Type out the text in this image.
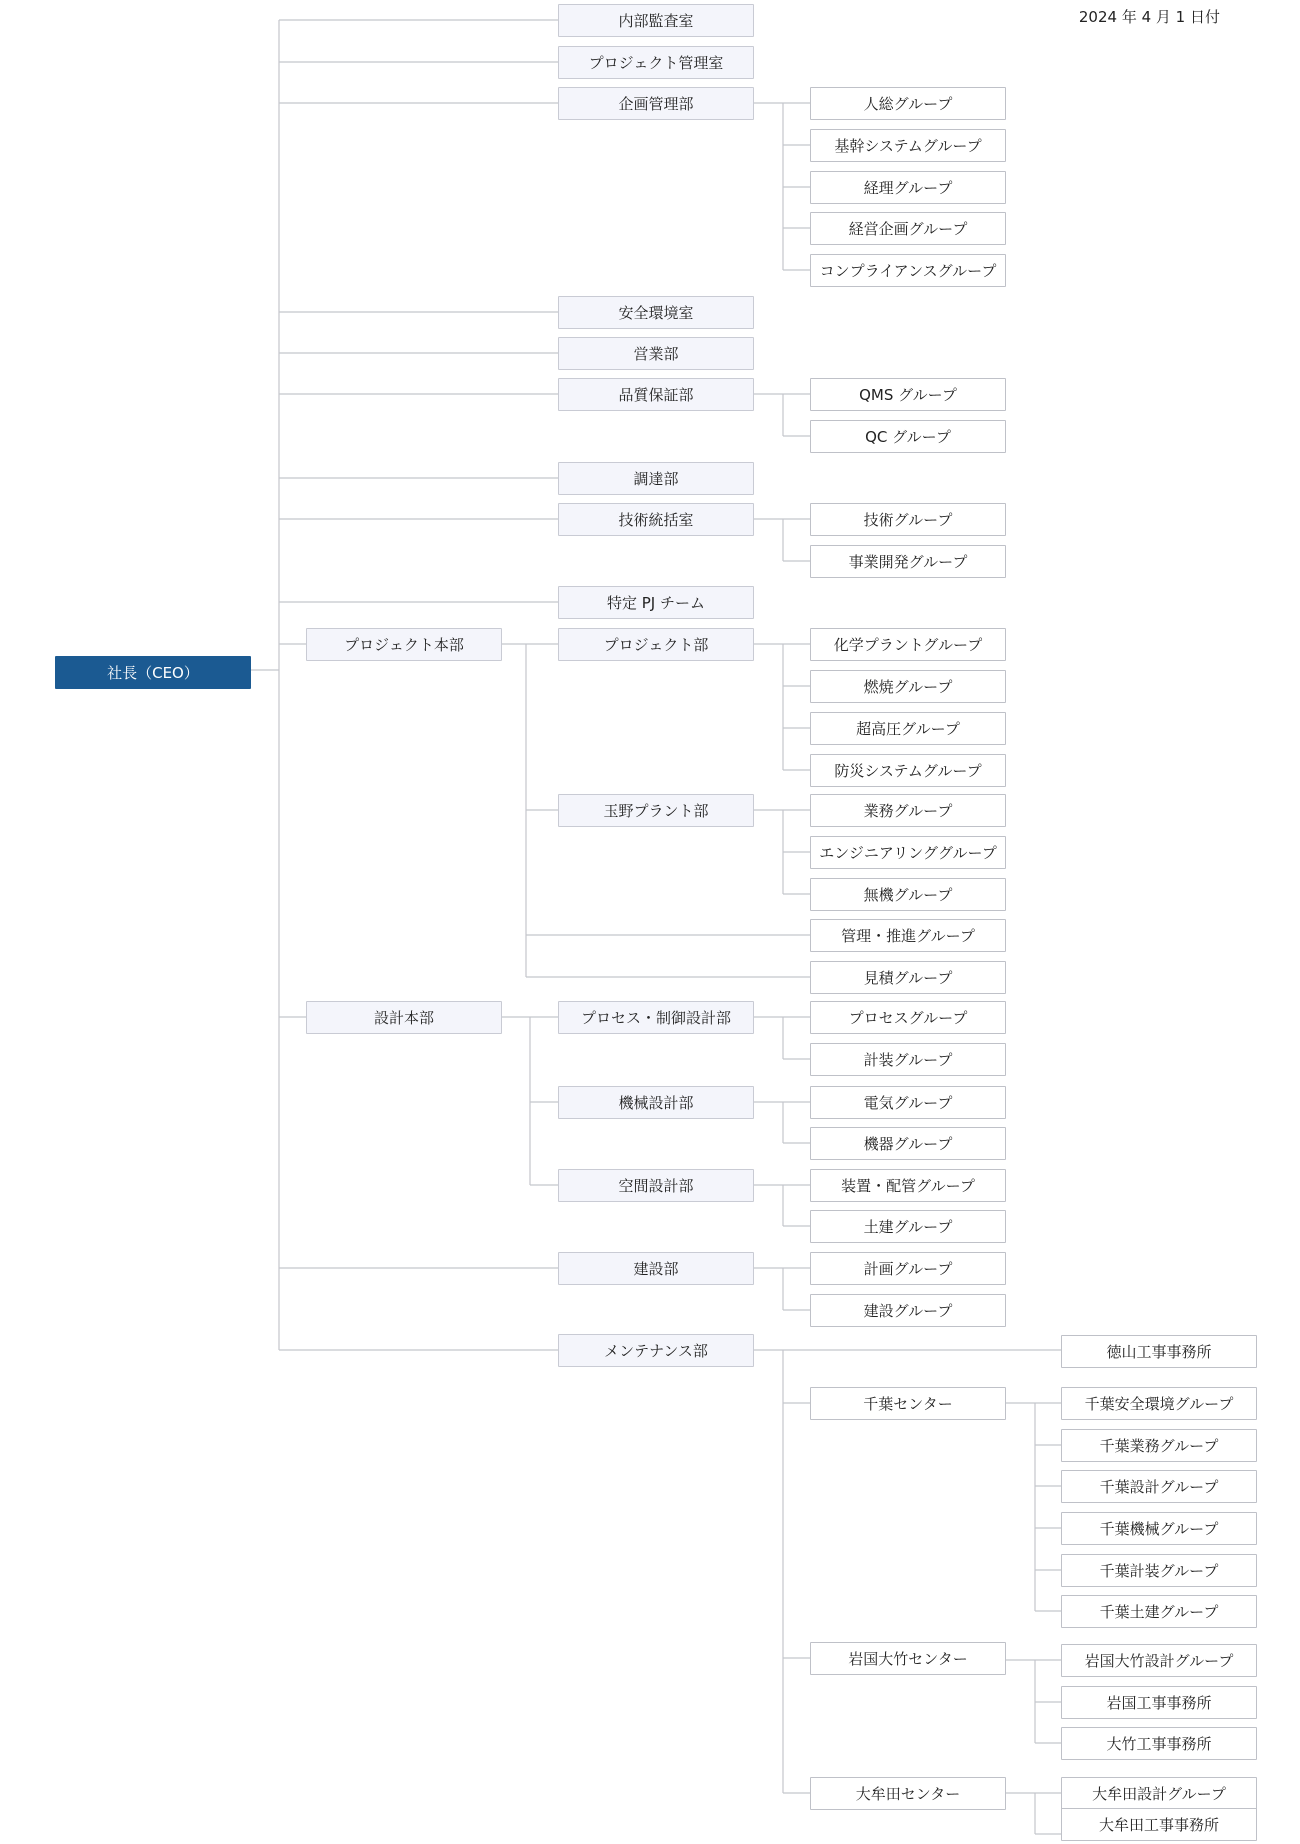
2024 年 4 月 1 日付
社長（CEO）
内部監査室
プロジェクト管理室
企画管理部
安全環境室
営業部
品質保証部
調達部
技術統括室
特定 PJ チーム
プロジェクト本部
設計本部
プロジェクト部
玉野プラント部
プロセス・制御設計部
機械設計部
空間設計部
建設部
メンテナンス部
人総グループ
基幹システムグループ
経理グループ
経営企画グループ
コンプライアンスグループ
QMS グループ
QC グループ
技術グループ
事業開発グループ
化学プラントグループ
燃焼グループ
超高圧グループ
防災システムグループ
業務グループ
エンジニアリンググループ
無機グループ
管理・推進グループ
見積グループ
プロセスグループ
計装グループ
電気グループ
機器グループ
装置・配管グループ
土建グループ
計画グループ
建設グループ
徳山工事事務所
千葉センター
岩国大竹センター
大牟田センター
千葉安全環境グループ
千葉業務グループ
千葉設計グループ
千葉機械グループ
千葉計装グループ
千葉土建グループ
岩国大竹設計グループ
岩国工事事務所
大竹工事事務所
大牟田設計グループ
大牟田工事事務所
